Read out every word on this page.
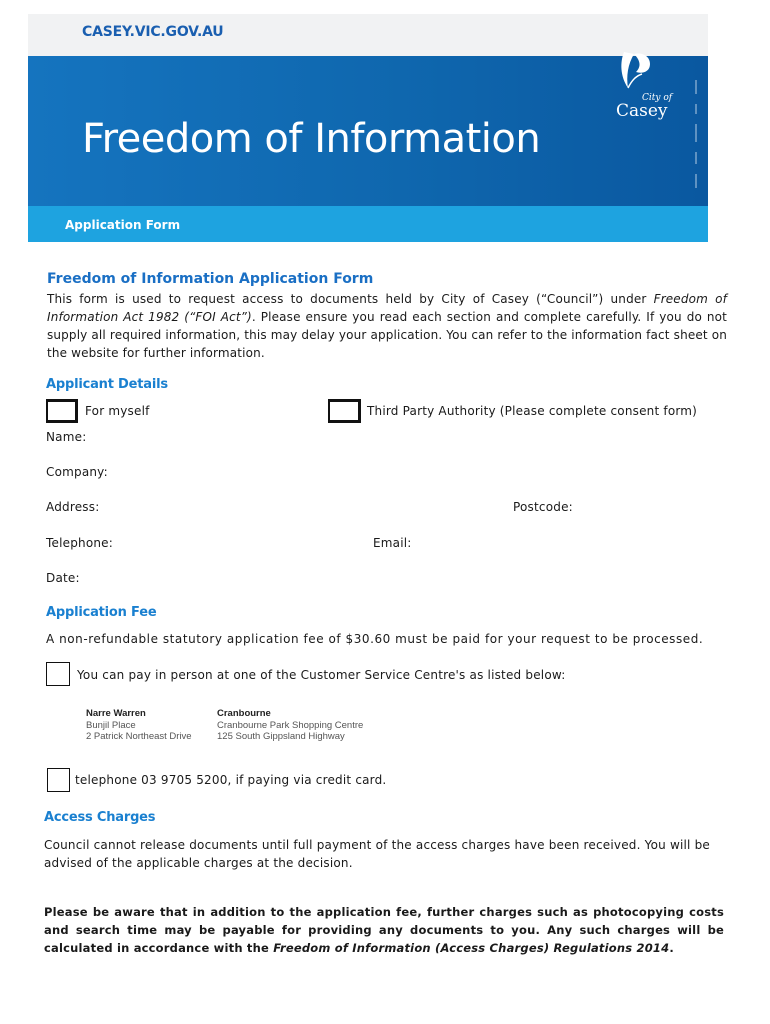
CASEY.VIC.GOV.AU
Freedom of Information
Application Form
City of
Casey
Freedom of Information Application Form
This form is used to request access to documents held by City of Casey (“Council”) under Freedom of Information Act 1982 (“FOI Act”). Please ensure you read each section and complete carefully. If you do not supply all required information, this may delay your application. You can refer to the information fact sheet on the website for further information.
Applicant Details
For myself	Third Party Authority (Please complete consent form)
Name:
Company:
Address:	Postcode:
Telephone:	Email:
Date:
Application Fee
A non-refundable statutory application fee of $30.60 must be paid for your request to be processed.
You can pay in person at one of the Customer Service Centre's as listed below:
Narre Warren
Bunjil Place
2 Patrick Northeast Drive
Cranbourne
Cranbourne Park Shopping Centre
125 South Gippsland Highway
telephone 03 9705 5200, if paying via credit card.
Access Charges
Council cannot release documents until full payment of the access charges have been received. You will be advised of the applicable charges at the decision.
Please be aware that in addition to the application fee, further charges such as photocopying costs and search time may be payable for providing any documents to you. Any such charges will be calculated in accordance with the Freedom of Information (Access Charges) Regulations 2014.
